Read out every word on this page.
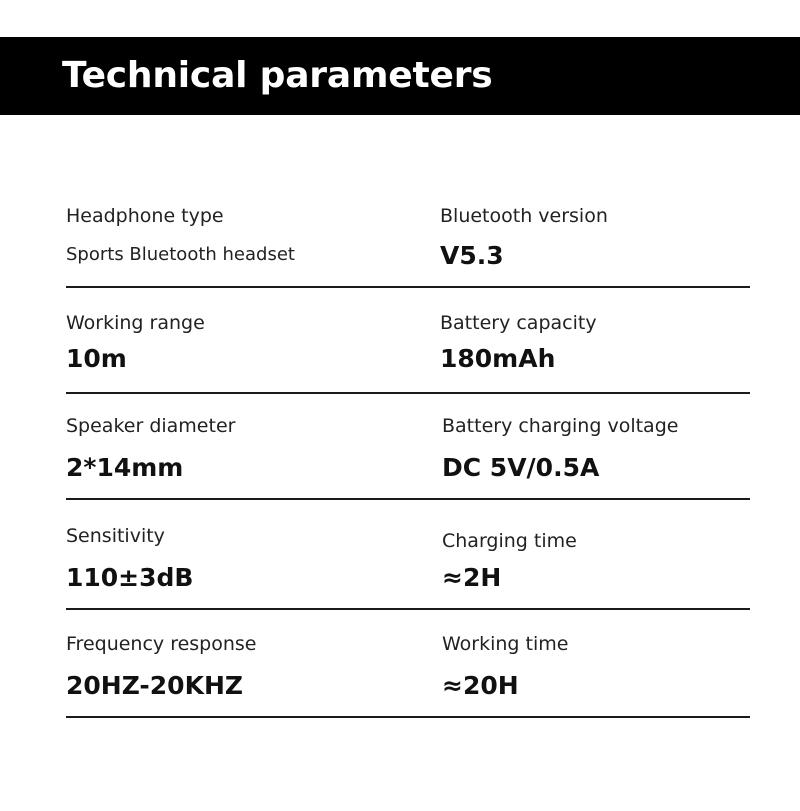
Technical parameters
Headphone type
Sports Bluetooth headset
Bluetooth version
V5.3
Working range
10m
Battery capacity
180mAh
Speaker diameter
2*14mm
Battery charging voltage
DC 5V/0.5A
Sensitivity
110±3dB
Charging time
≈2H
Frequency response
20HZ-20KHZ
Working time
≈20H
